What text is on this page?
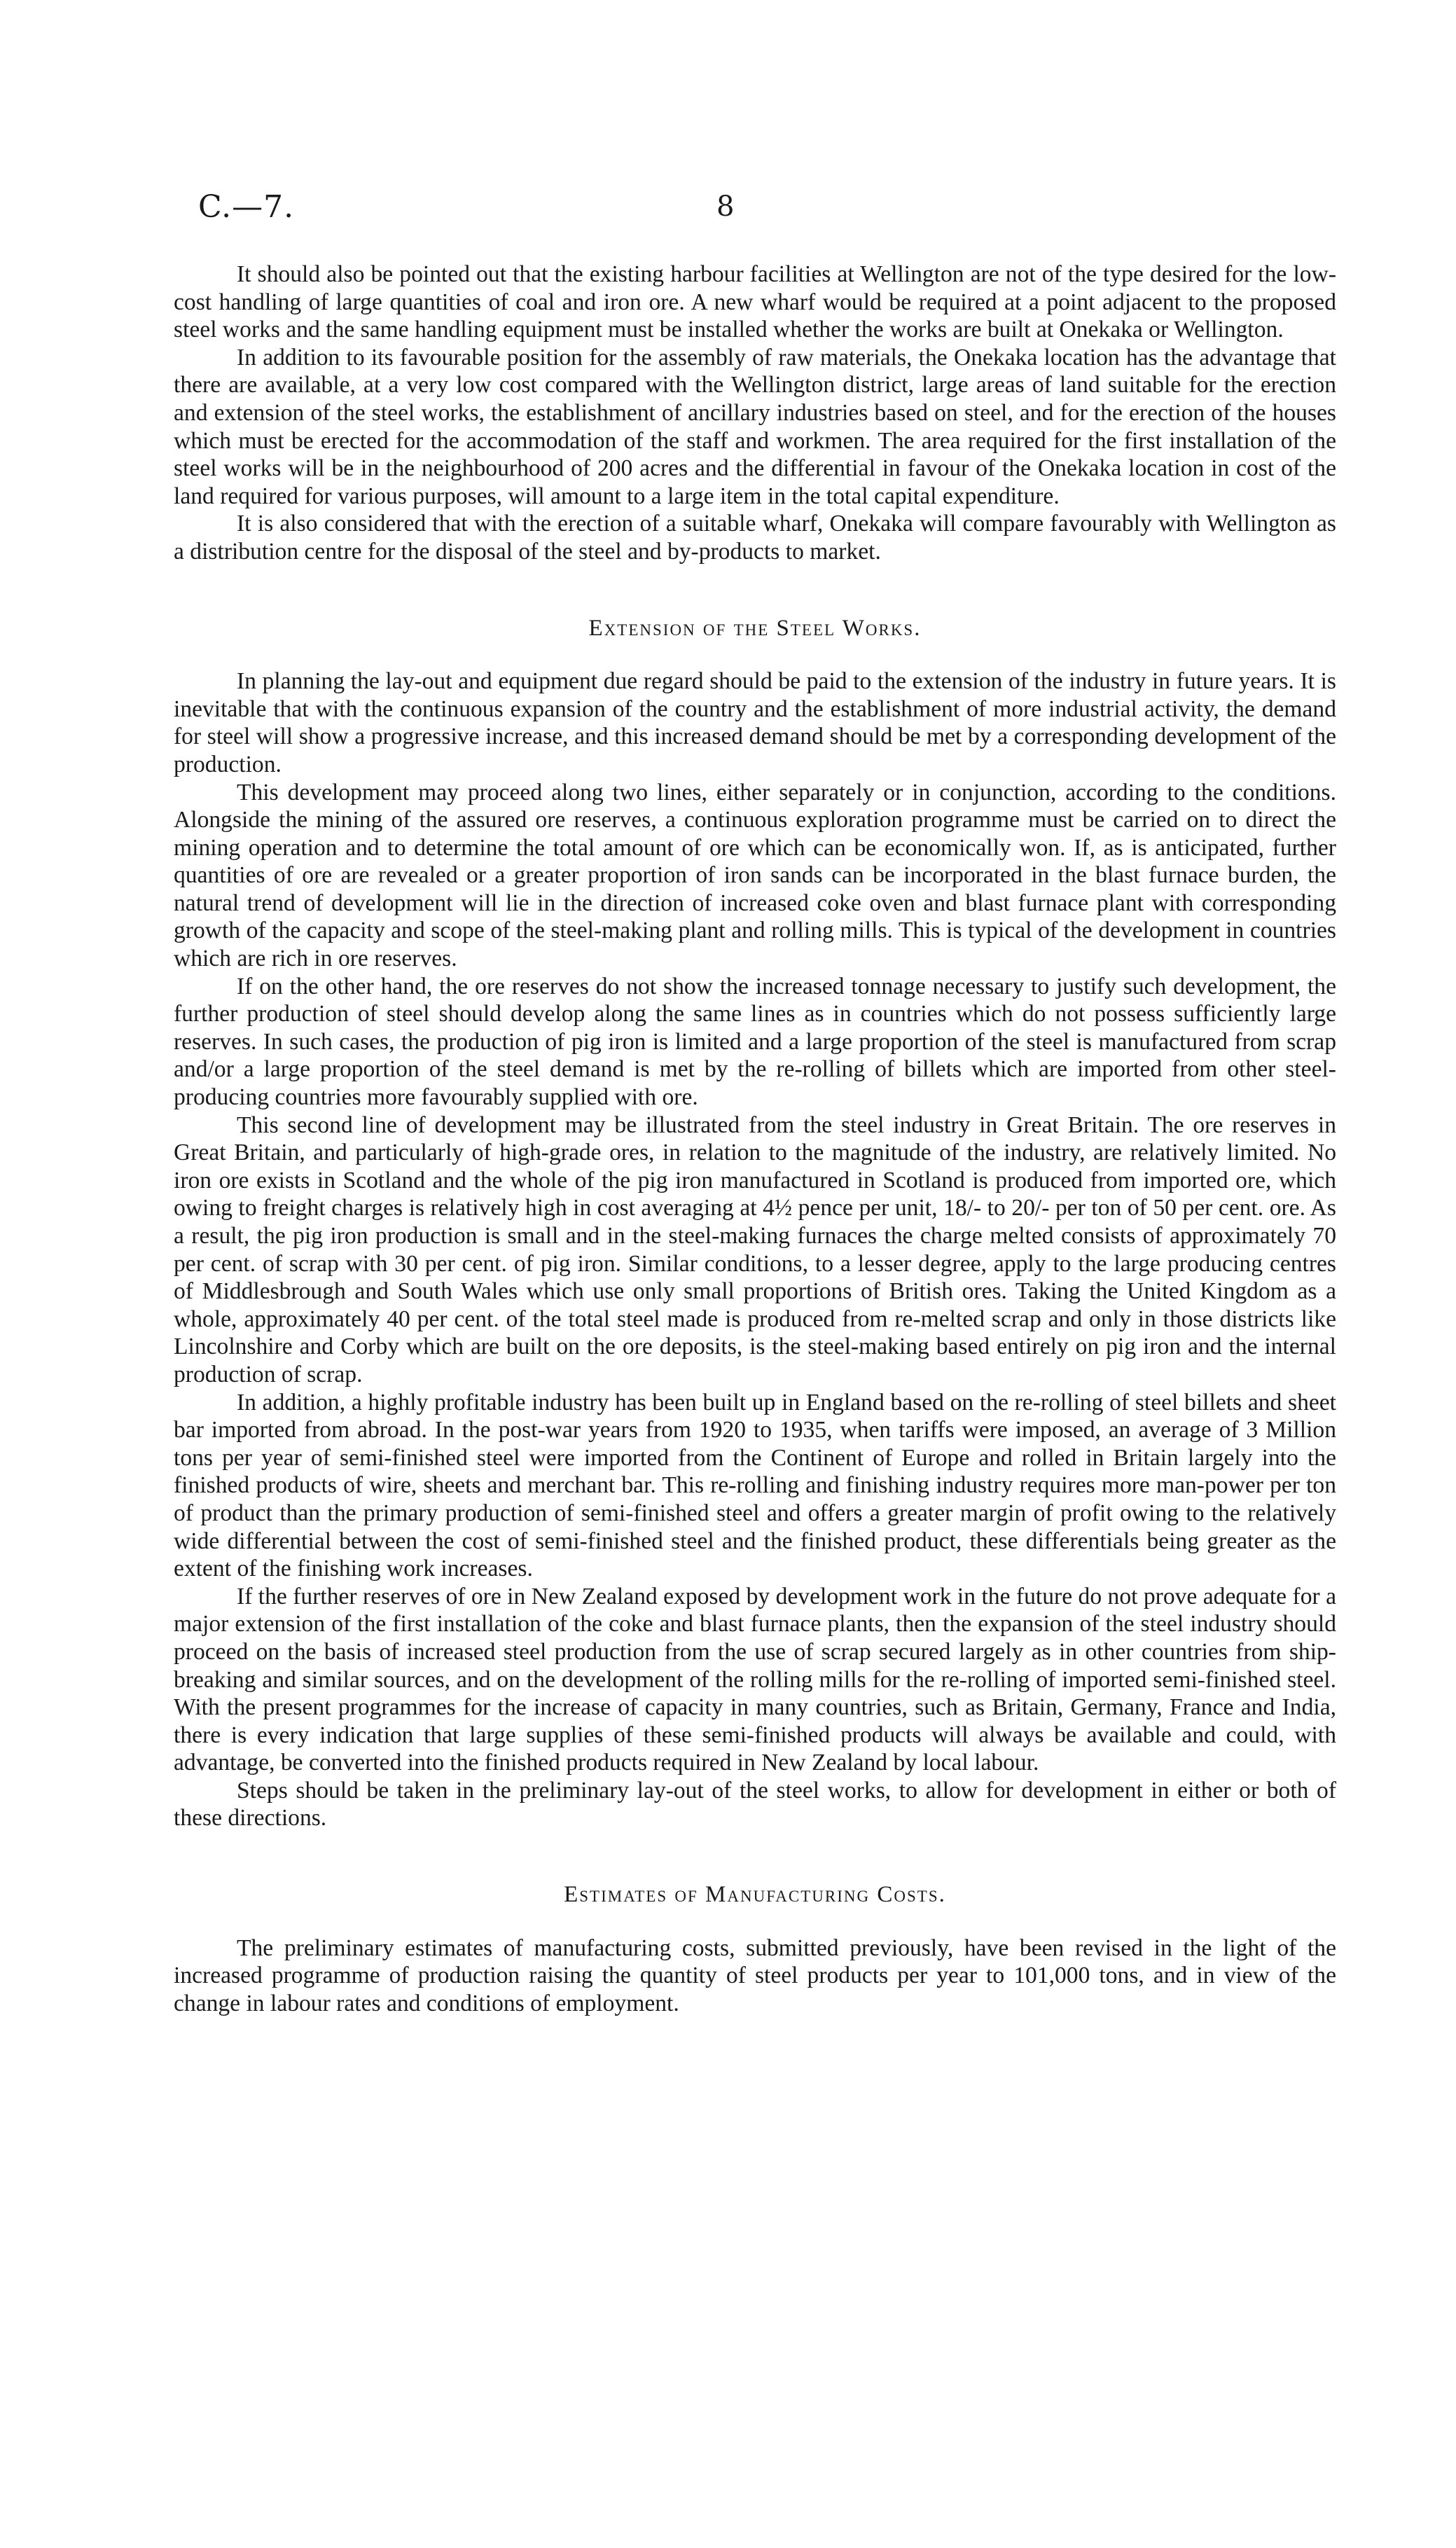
C.—7.	8

It should also be pointed out that the existing harbour facilities at Wellington are not of the type desired for the low-cost handling of large quantities of coal and iron ore. A new wharf would be required at a point adjacent to the proposed steel works and the same handling equipment must be installed whether the works are built at Onekaka or Wellington.

In addition to its favourable position for the assembly of raw materials, the Onekaka location has the advantage that there are available, at a very low cost compared with the Wellington district, large areas of land suitable for the erection and extension of the steel works, the establishment of ancillary industries based on steel, and for the erection of the houses which must be erected for the accommodation of the staff and workmen. The area required for the first installation of the steel works will be in the neighbourhood of 200 acres and the differential in favour of the Onekaka location in cost of the land required for various purposes, will amount to a large item in the total capital expenditure.

It is also considered that with the erection of a suitable wharf, Onekaka will compare favourably with Wellington as a distribution centre for the disposal of the steel and by-products to market.

Extension of the Steel Works.

In planning the lay-out and equipment due regard should be paid to the extension of the industry in future years. It is inevitable that with the continuous expansion of the country and the establishment of more industrial activity, the demand for steel will show a progressive increase, and this increased demand should be met by a corresponding development of the production.

This development may proceed along two lines, either separately or in conjunction, according to the conditions. Alongside the mining of the assured ore reserves, a continuous exploration programme must be carried on to direct the mining operation and to determine the total amount of ore which can be economically won. If, as is anticipated, further quantities of ore are revealed or a greater proportion of iron sands can be incorporated in the blast furnace burden, the natural trend of development will lie in the direction of increased coke oven and blast furnace plant with corresponding growth of the capacity and scope of the steel-making plant and rolling mills. This is typical of the development in countries which are rich in ore reserves.

If on the other hand, the ore reserves do not show the increased tonnage necessary to justify such development, the further production of steel should develop along the same lines as in countries which do not possess sufficiently large reserves. In such cases, the production of pig iron is limited and a large proportion of the steel is manufactured from scrap and/or a large proportion of the steel demand is met by the re-rolling of billets which are imported from other steel-producing countries more favourably supplied with ore.

This second line of development may be illustrated from the steel industry in Great Britain. The ore reserves in Great Britain, and particularly of high-grade ores, in relation to the magnitude of the industry, are relatively limited. No iron ore exists in Scotland and the whole of the pig iron manufactured in Scotland is produced from imported ore, which owing to freight charges is relatively high in cost averaging at 4½ pence per unit, 18/- to 20/- per ton of 50 per cent. ore. As a result, the pig iron production is small and in the steel-making furnaces the charge melted consists of approximately 70 per cent. of scrap with 30 per cent. of pig iron. Similar conditions, to a lesser degree, apply to the large producing centres of Middlesbrough and South Wales which use only small proportions of British ores. Taking the United Kingdom as a whole, approximately 40 per cent. of the total steel made is produced from re-melted scrap and only in those districts like Lincolnshire and Corby which are built on the ore deposits, is the steel-making based entirely on pig iron and the internal production of scrap.

In addition, a highly profitable industry has been built up in England based on the re-rolling of steel billets and sheet bar imported from abroad. In the post-war years from 1920 to 1935, when tariffs were imposed, an average of 3 Million tons per year of semi-finished steel were imported from the Continent of Europe and rolled in Britain largely into the finished products of wire, sheets and merchant bar. This re-rolling and finishing industry requires more man-power per ton of product than the primary production of semi-finished steel and offers a greater margin of profit owing to the relatively wide differential between the cost of semi-finished steel and the finished product, these differentials being greater as the extent of the finishing work increases.

If the further reserves of ore in New Zealand exposed by development work in the future do not prove adequate for a major extension of the first installation of the coke and blast furnace plants, then the expansion of the steel industry should proceed on the basis of increased steel production from the use of scrap secured largely as in other countries from ship-breaking and similar sources, and on the development of the rolling mills for the re-rolling of imported semi-finished steel. With the present programmes for the increase of capacity in many countries, such as Britain, Germany, France and India, there is every indication that large supplies of these semi-finished products will always be available and could, with advantage, be converted into the finished products required in New Zealand by local labour.

Steps should be taken in the preliminary lay-out of the steel works, to allow for development in either or both of these directions.

Estimates of Manufacturing Costs.

The preliminary estimates of manufacturing costs, submitted previously, have been revised in the light of the increased programme of production raising the quantity of steel products per year to 101,000 tons, and in view of the change in labour rates and conditions of employment.
